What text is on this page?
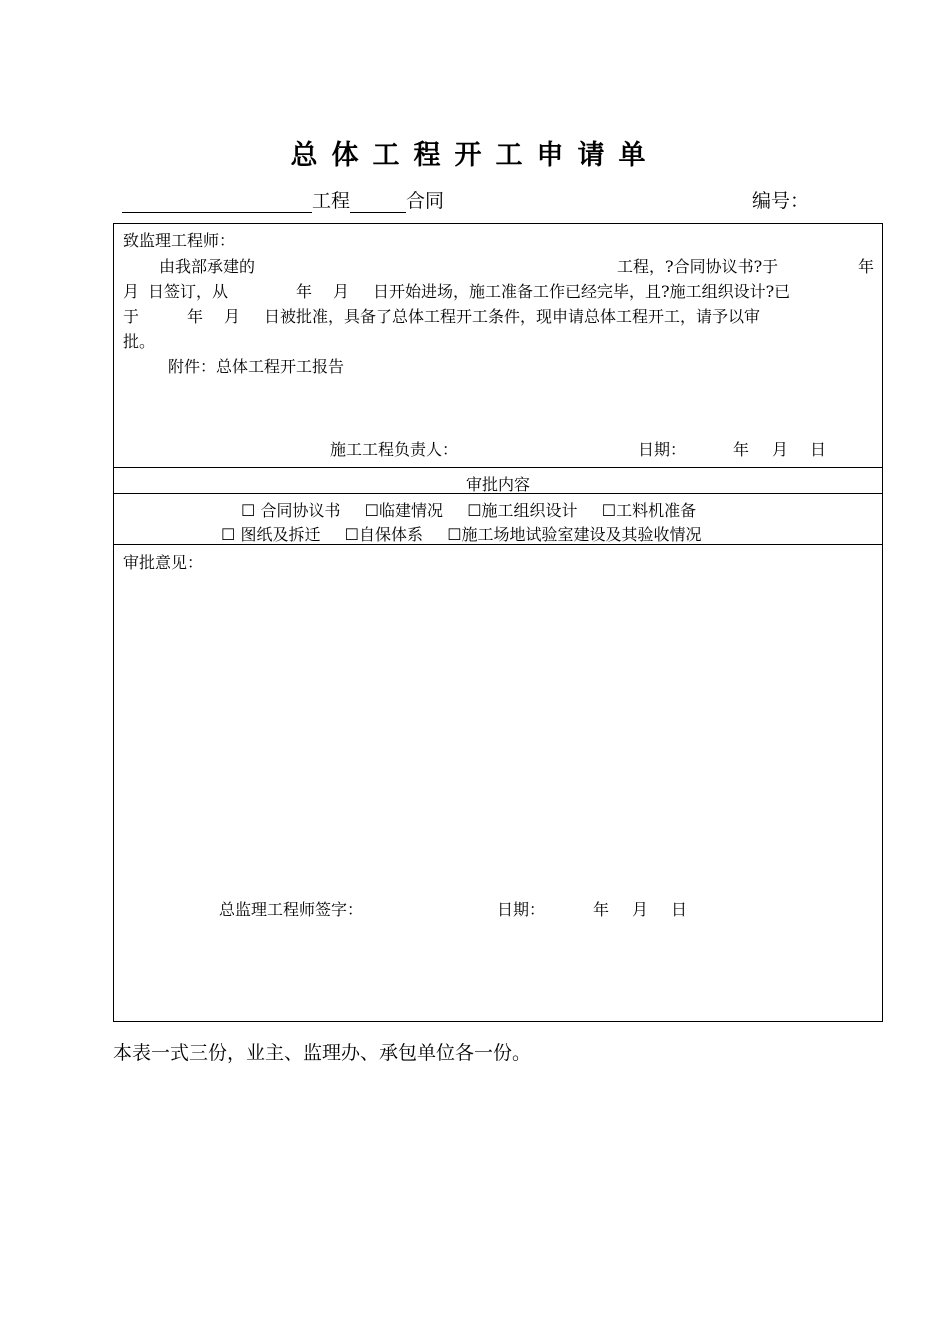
总体工程开工申请单
工程	合同	编号：
致监理工程师：
由我部承建的	工程，?合同协议书?于	年
月 日签订，从	年 月 日开始进场，施工准备工作已经完毕，且?施工组织设计?已
于	年 月 日被批准，具备了总体工程开工条件，现申请总体工程开工，请予以审
批。
附件：总体工程开工报告
施工工程负责人：	日期：	年 月 日
审批内容
☐ 合同协议书 ☐临建情况 ☐施工组织设计 ☐工料机准备
☐ 图纸及拆迁 ☐自保体系 ☐施工场地试验室建设及其验收情况
审批意见：
总监理工程师签字：	日期：	年 月 日
本表一式三份，业主、监理办、承包单位各一份。
